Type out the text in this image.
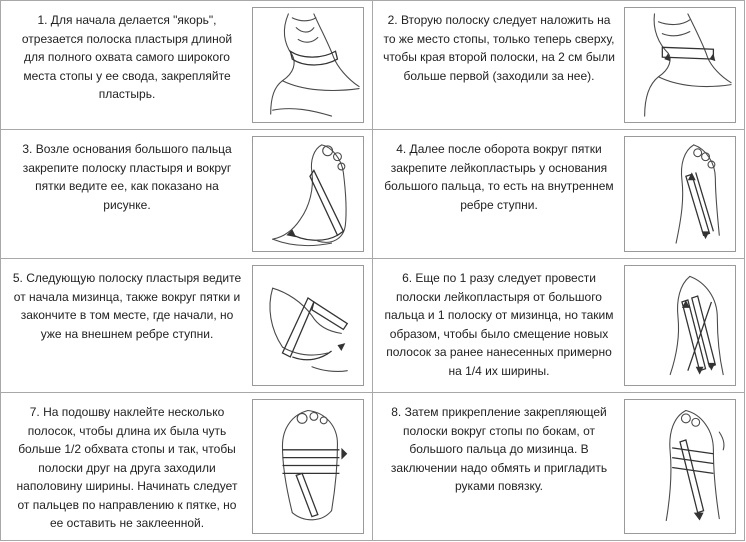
1. Для начала делается "якорь", отрезается полоска пластыря длиной для полного охвата самого широкого места стопы у ее свода, закрепляйте пластырь.

2. Вторую полоску следует наложить на то же место стопы, только теперь сверху, чтобы края второй полоски, на 2 см были больше первой (заходили за нее).

3. Возле основания большого пальца закрепите полоску пластыря и вокруг пятки ведите ее, как показано на рисунке.

4. Далее после оборота вокруг пятки закрепите лейкопластырь у основания большого пальца, то есть на внутреннем ребре ступни.

5. Следующую полоску пластыря ведите от начала мизинца, также вокруг пятки и закончите в том месте, где начали, но уже на внешнем ребре ступни.

6. Еще по 1 разу следует провести полоски лейкопластыря от большого пальца и 1 полоску от мизинца, но таким образом, чтобы было смещение новых полосок за ранее нанесенных примерно на 1/4 их ширины.

7. На подошву наклейте несколько полосок, чтобы длина их была чуть больше 1/2 обхвата стопы и так, чтобы полоски друг на друга заходили наполовину ширины. Начинать следует от пальцев по направлению к пятке, но ее оставить не заклеенной.

8. Затем прикрепление закрепляющей полоски вокруг стопы по бокам, от большого пальца до мизинца. В заключении надо обмять и пригладить руками повязку.
